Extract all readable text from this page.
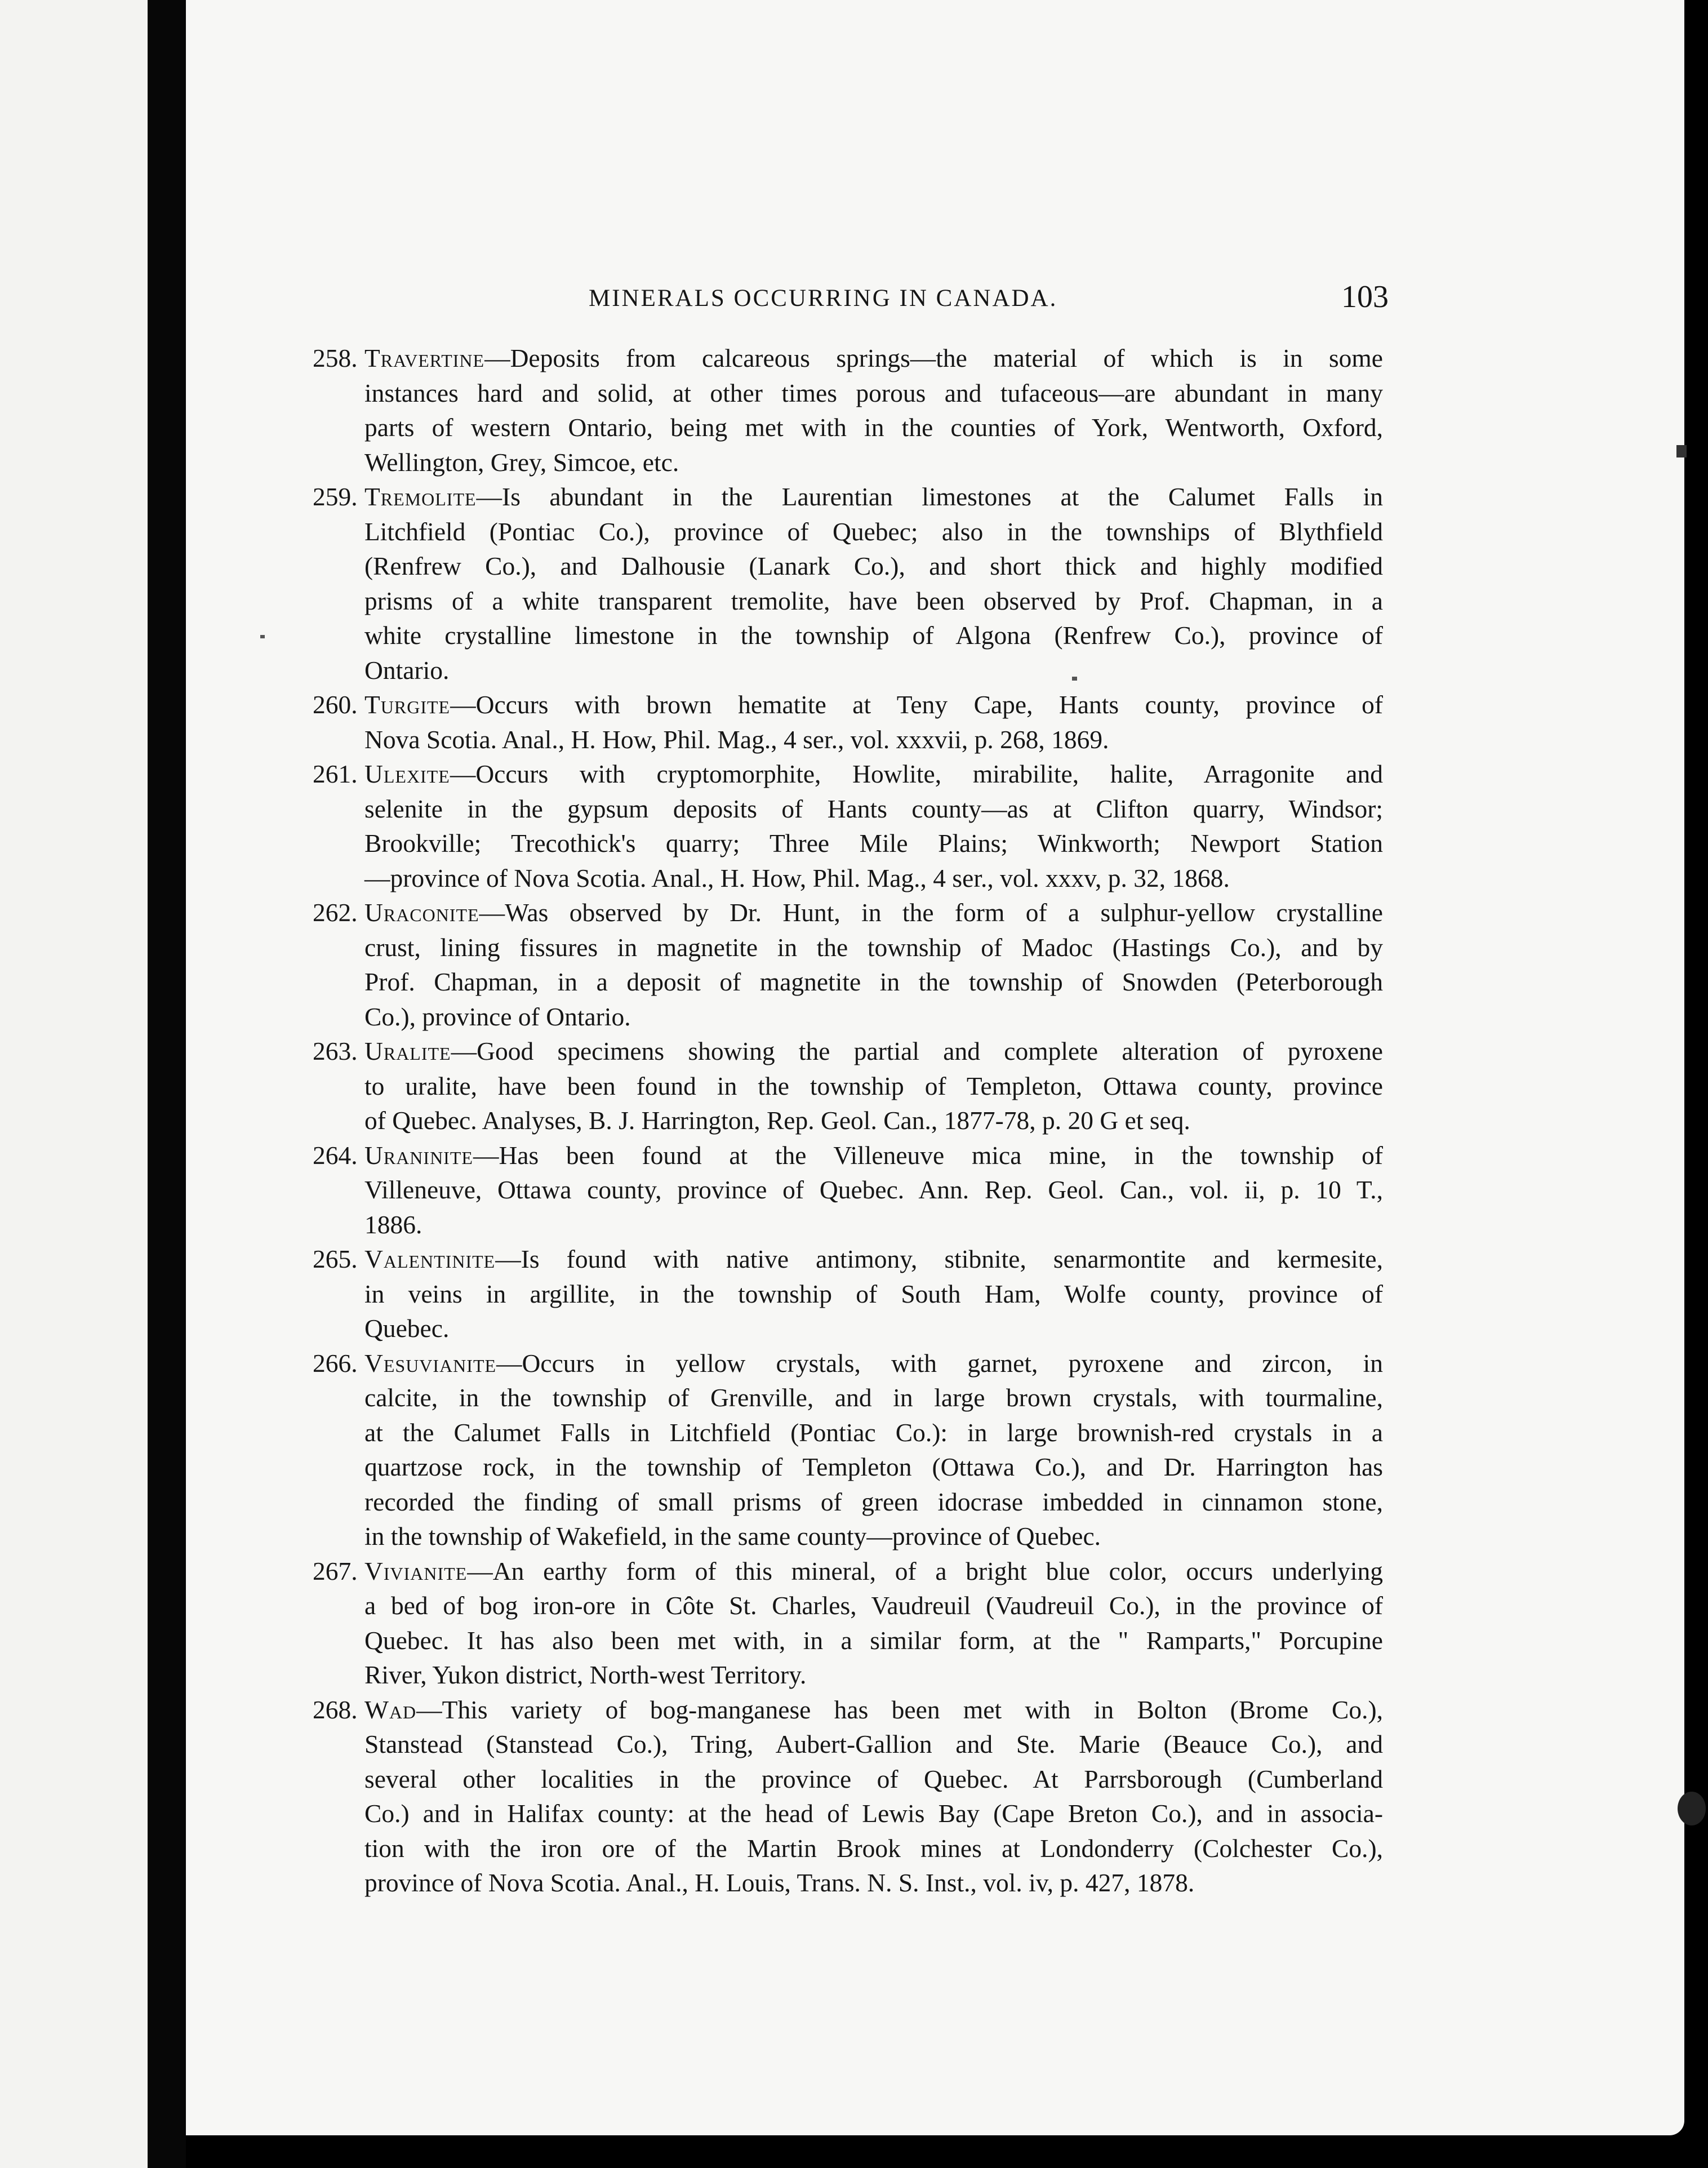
MINERALS OCCURRING IN CANADA.	103
258. Travertine—Deposits from calcareous springs—the material of which is in some
instances hard and solid, at other times porous and tufaceous—are abundant in many
parts of western Ontario, being met with in the counties of York, Wentworth, Oxford,
Wellington, Grey, Simcoe, etc.
259. Tremolite—Is abundant in the Laurentian limestones at the Calumet Falls in
Litchfield (Pontiac Co.), province of Quebec; also in the townships of Blythfield
(Renfrew Co.), and Dalhousie (Lanark Co.), and short thick and highly modified
prisms of a white transparent tremolite, have been observed by Prof. Chapman, in a
white crystalline limestone in the township of Algona (Renfrew Co.), province of
Ontario.
260. Turgite—Occurs with brown hematite at Teny Cape, Hants county, province of
Nova Scotia. Anal., H. How, Phil. Mag., 4 ser., vol. xxxvii, p. 268, 1869.
261. Ulexite—Occurs with cryptomorphite, Howlite, mirabilite, halite, Arragonite and
selenite in the gypsum deposits of Hants county—as at Clifton quarry, Windsor;
Brookville; Trecothick's quarry; Three Mile Plains; Winkworth; Newport Station
—province of Nova Scotia. Anal., H. How, Phil. Mag., 4 ser., vol. xxxv, p. 32, 1868.
262. Uraconite—Was observed by Dr. Hunt, in the form of a sulphur-yellow crystalline
crust, lining fissures in magnetite in the township of Madoc (Hastings Co.), and by
Prof. Chapman, in a deposit of magnetite in the township of Snowden (Peterborough
Co.), province of Ontario.
263. Uralite—Good specimens showing the partial and complete alteration of pyroxene
to uralite, have been found in the township of Templeton, Ottawa county, province
of Quebec. Analyses, B. J. Harrington, Rep. Geol. Can., 1877-78, p. 20 G et seq.
264. Uraninite—Has been found at the Villeneuve mica mine, in the township of
Villeneuve, Ottawa county, province of Quebec. Ann. Rep. Geol. Can., vol. ii, p. 10 T.,
1886.
265. Valentinite—Is found with native antimony, stibnite, senarmontite and kermesite,
in veins in argillite, in the township of South Ham, Wolfe county, province of
Quebec.
266. Vesuvianite—Occurs in yellow crystals, with garnet, pyroxene and zircon, in
calcite, in the township of Grenville, and in large brown crystals, with tourmaline,
at the Calumet Falls in Litchfield (Pontiac Co.): in large brownish-red crystals in a
quartzose rock, in the township of Templeton (Ottawa Co.), and Dr. Harrington has
recorded the finding of small prisms of green idocrase imbedded in cinnamon stone,
in the township of Wakefield, in the same county—province of Quebec.
267. Vivianite—An earthy form of this mineral, of a bright blue color, occurs underlying
a bed of bog iron-ore in Côte St. Charles, Vaudreuil (Vaudreuil Co.), in the province of
Quebec. It has also been met with, in a similar form, at the " Ramparts," Porcupine
River, Yukon district, North-west Territory.
268. Wad—This variety of bog-manganese has been met with in Bolton (Brome Co.),
Stanstead (Stanstead Co.), Tring, Aubert-Gallion and Ste. Marie (Beauce Co.), and
several other localities in the province of Quebec. At Parrsborough (Cumberland
Co.) and in Halifax county: at the head of Lewis Bay (Cape Breton Co.), and in associa-
tion with the iron ore of the Martin Brook mines at Londonderry (Colchester Co.),
province of Nova Scotia. Anal., H. Louis, Trans. N. S. Inst., vol. iv, p. 427, 1878.
